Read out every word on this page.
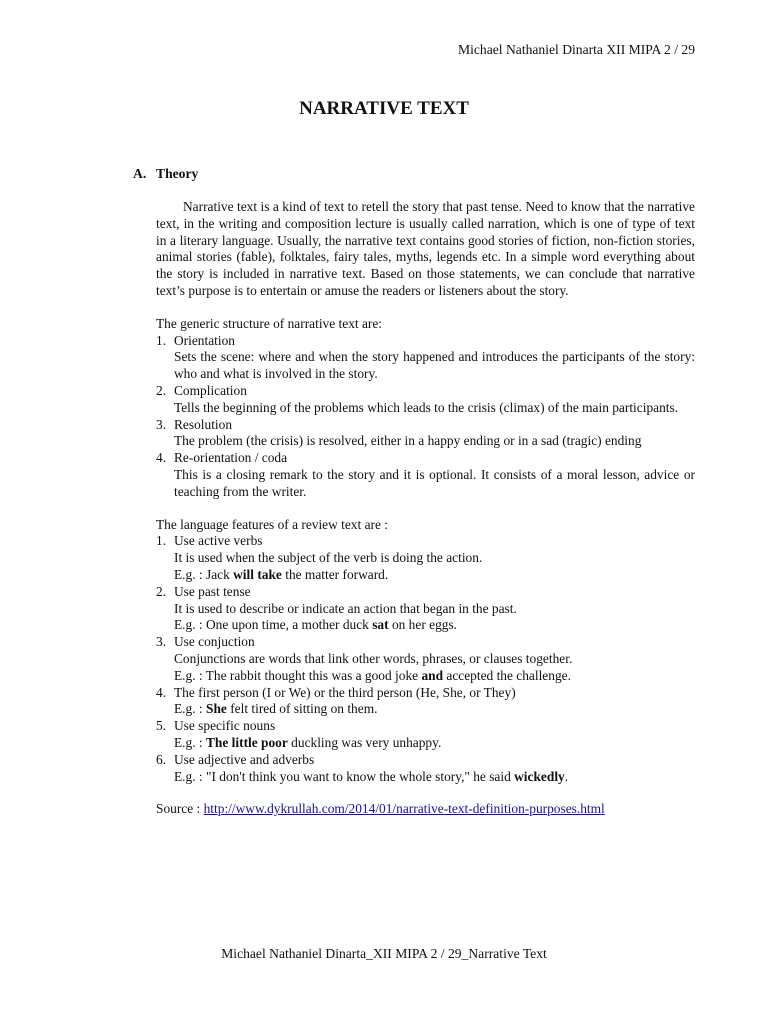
Michael Nathaniel Dinarta XII MIPA 2 / 29
NARRATIVE TEXT
A. Theory

Narrative text is a kind of text to retell the story that past tense. Need to know that the narrative text, in the writing and composition lecture is usually called narration, which is one of type of text in a literary language. Usually, the narrative text contains good stories of fiction, non-fiction stories, animal stories (fable), folktales, fairy tales, myths, legends etc. In a simple word everything about the story is included in narrative text. Based on those statements, we can conclude that narrative text’s purpose is to entertain or amuse the readers or listeners about the story.

The generic structure of narrative text are:
1. Orientation
Sets the scene: where and when the story happened and introduces the participants of the story: who and what is involved in the story.
2. Complication
Tells the beginning of the problems which leads to the crisis (climax) of the main participants.
3. Resolution
The problem (the crisis) is resolved, either in a happy ending or in a sad (tragic) ending
4. Re-orientation / coda
This is a closing remark to the story and it is optional. It consists of a moral lesson, advice or teaching from the writer.
The language features of a review text are :
1. Use active verbs
It is used when the subject of the verb is doing the action.
E.g. : Jack will take the matter forward.
2. Use past tense
It is used to describe or indicate an action that began in the past.
E.g. : One upon time, a mother duck sat on her eggs.
3. Use conjuction
Conjunctions are words that link other words, phrases, or clauses together.
E.g. : The rabbit thought this was a good joke and accepted the challenge.
4. The first person (I or We) or the third person (He, She, or They)
E.g. : She felt tired of sitting on them.
5. Use specific nouns
E.g. : The little poor duckling was very unhappy.
6. Use adjective and adverbs
E.g. : "I don't think you want to know the whole story," he said wickedly.
Source : http://www.dykrullah.com/2014/01/narrative-text-definition-purposes.html
Michael Nathaniel Dinarta_XII MIPA 2 / 29_Narrative Text
